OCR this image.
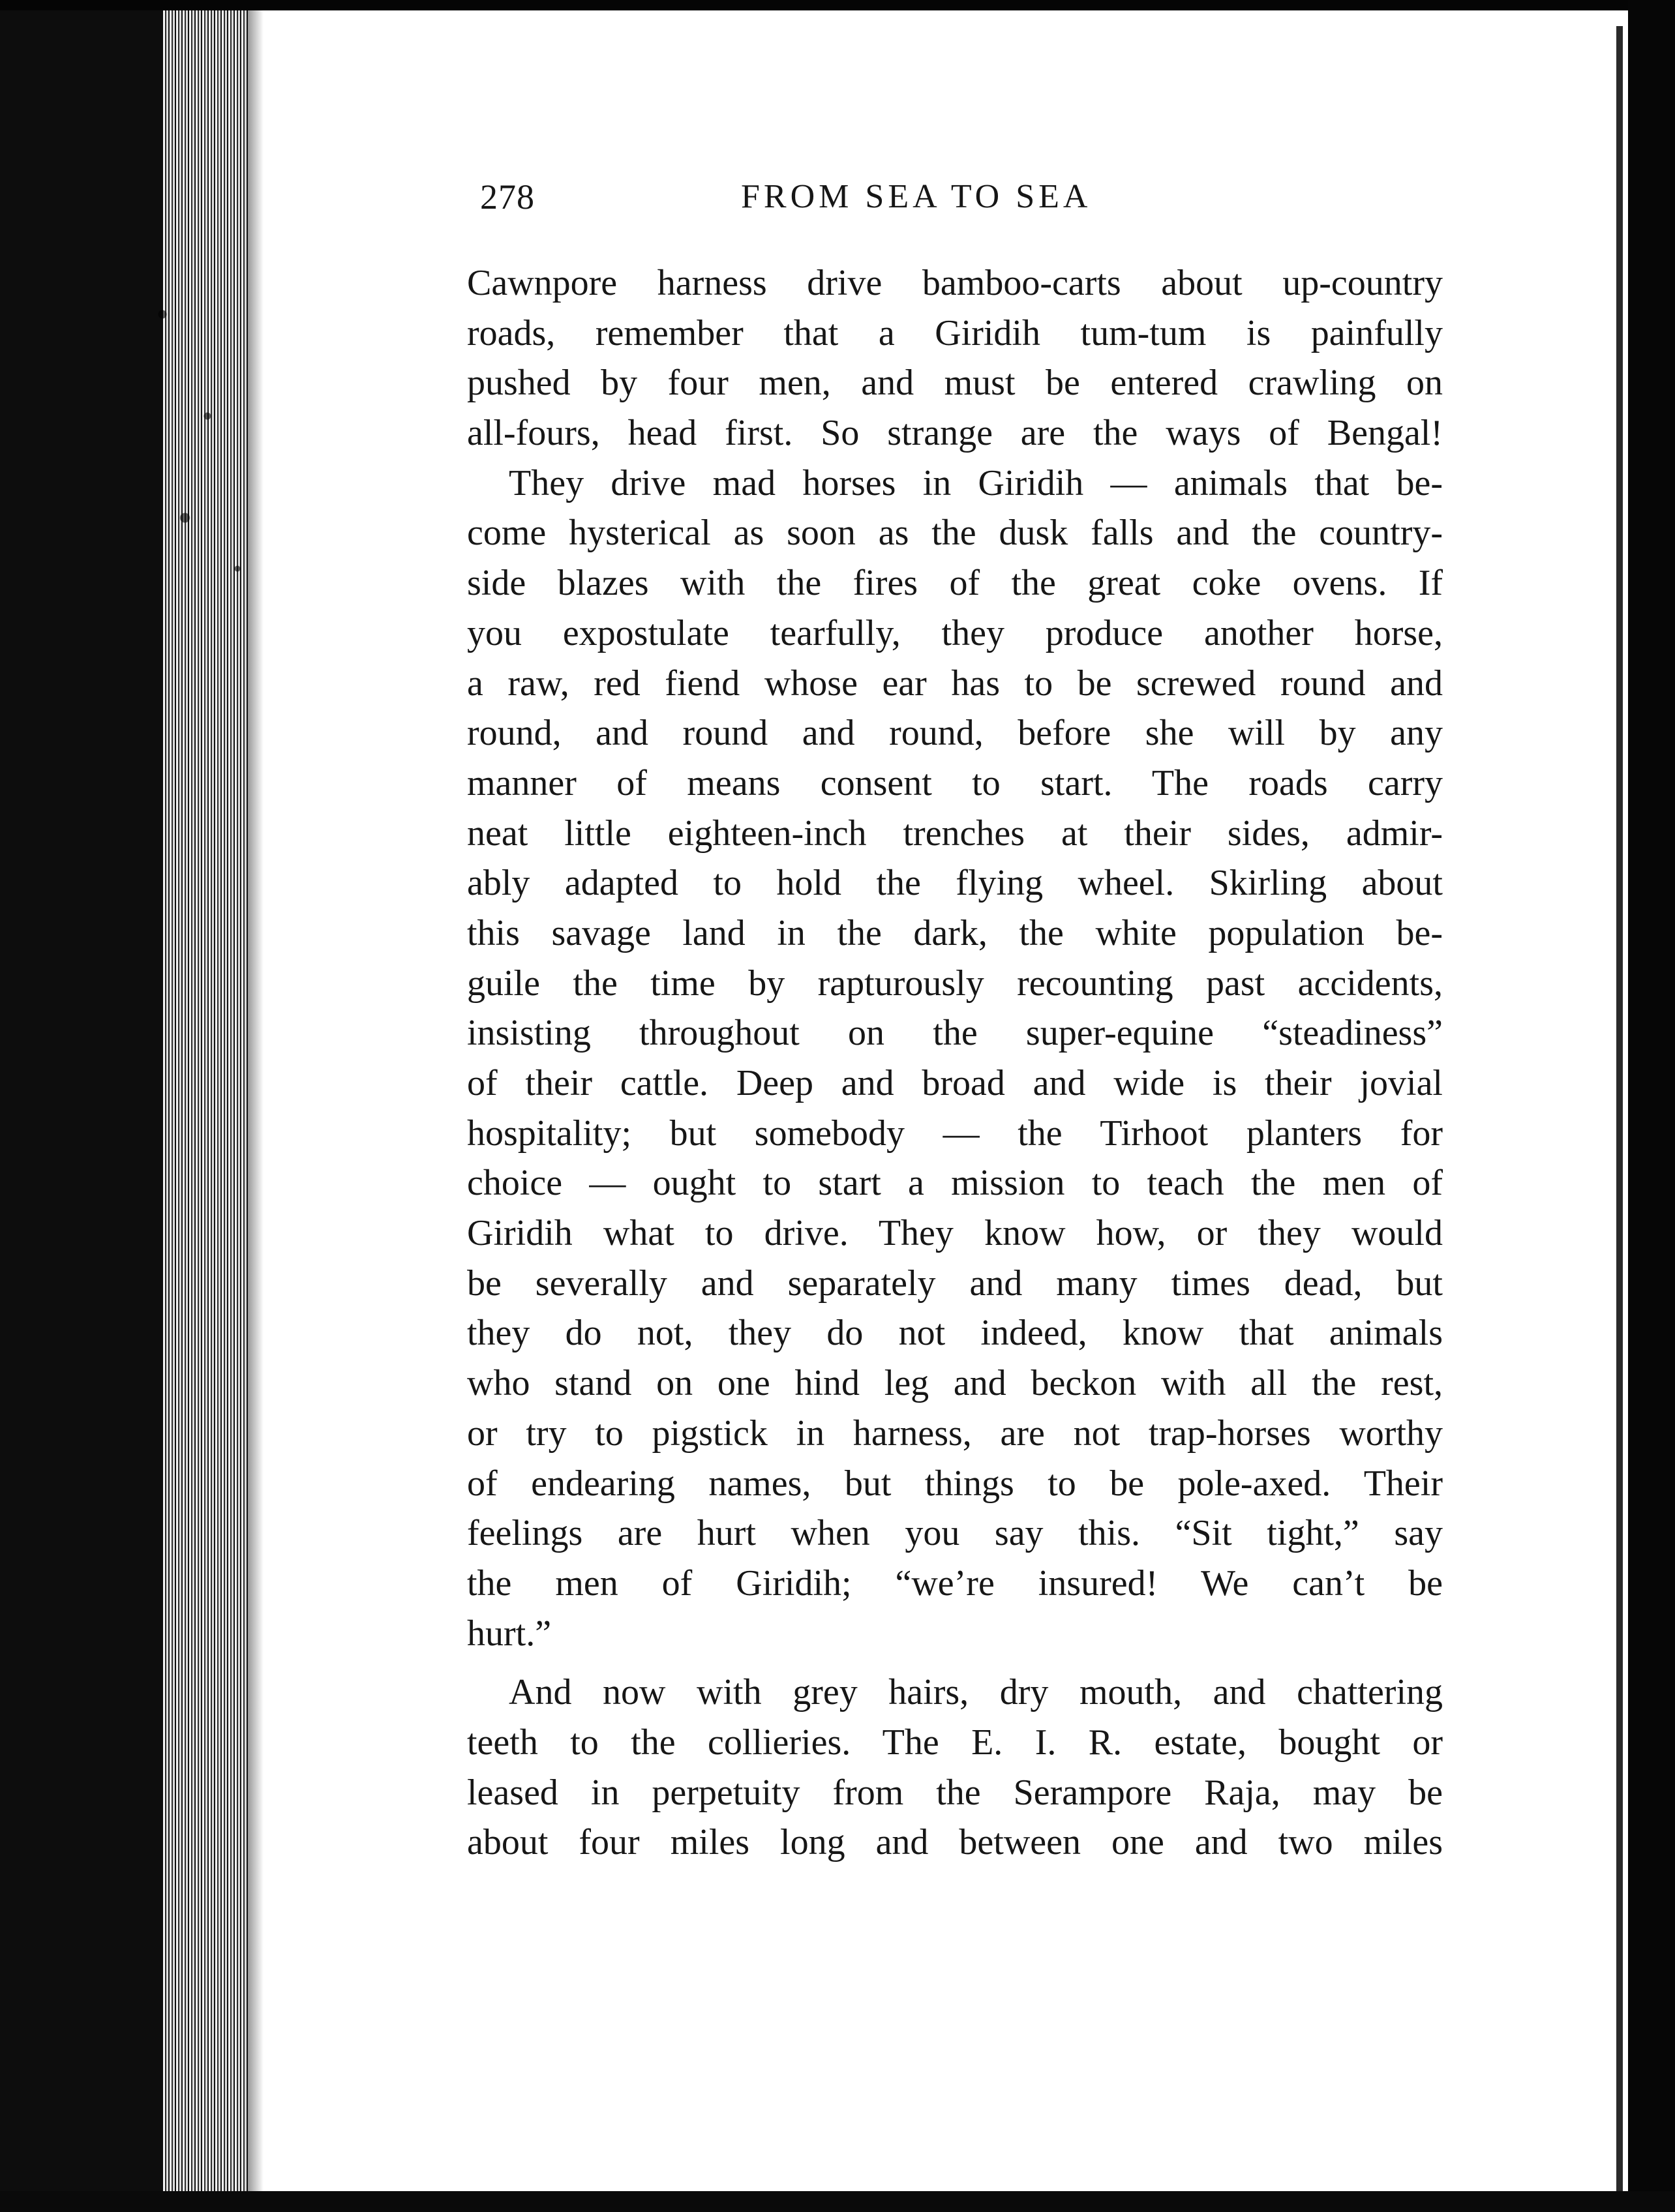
278	FROM SEA TO SEA
Cawnpore harness drive bamboo-carts about up-country
roads, remember that a Giridih tum-tum is painfully
pushed by four men, and must be entered crawling on
all-fours, head first. So strange are the ways of Bengal!
They drive mad horses in Giridih — animals that be-
come hysterical as soon as the dusk falls and the country-
side blazes with the fires of the great coke ovens. If
you expostulate tearfully, they produce another horse,
a raw, red fiend whose ear has to be screwed round and
round, and round and round, before she will by any
manner of means consent to start. The roads carry
neat little eighteen-inch trenches at their sides, admir-
ably adapted to hold the flying wheel. Skirling about
this savage land in the dark, the white population be-
guile the time by rapturously recounting past accidents,
insisting throughout on the super-equine “steadiness”
of their cattle. Deep and broad and wide is their jovial
hospitality; but somebody — the Tirhoot planters for
choice — ought to start a mission to teach the men of
Giridih what to drive. They know how, or they would
be severally and separately and many times dead, but
they do not, they do not indeed, know that animals
who stand on one hind leg and beckon with all the rest,
or try to pigstick in harness, are not trap-horses worthy
of endearing names, but things to be pole-axed. Their
feelings are hurt when you say this. “Sit tight,” say
the men of Giridih; “we’re insured! We can’t be
hurt.”
And now with grey hairs, dry mouth, and chattering
teeth to the collieries. The E. I. R. estate, bought or
leased in perpetuity from the Serampore Raja, may be
about four miles long and between one and two miles
